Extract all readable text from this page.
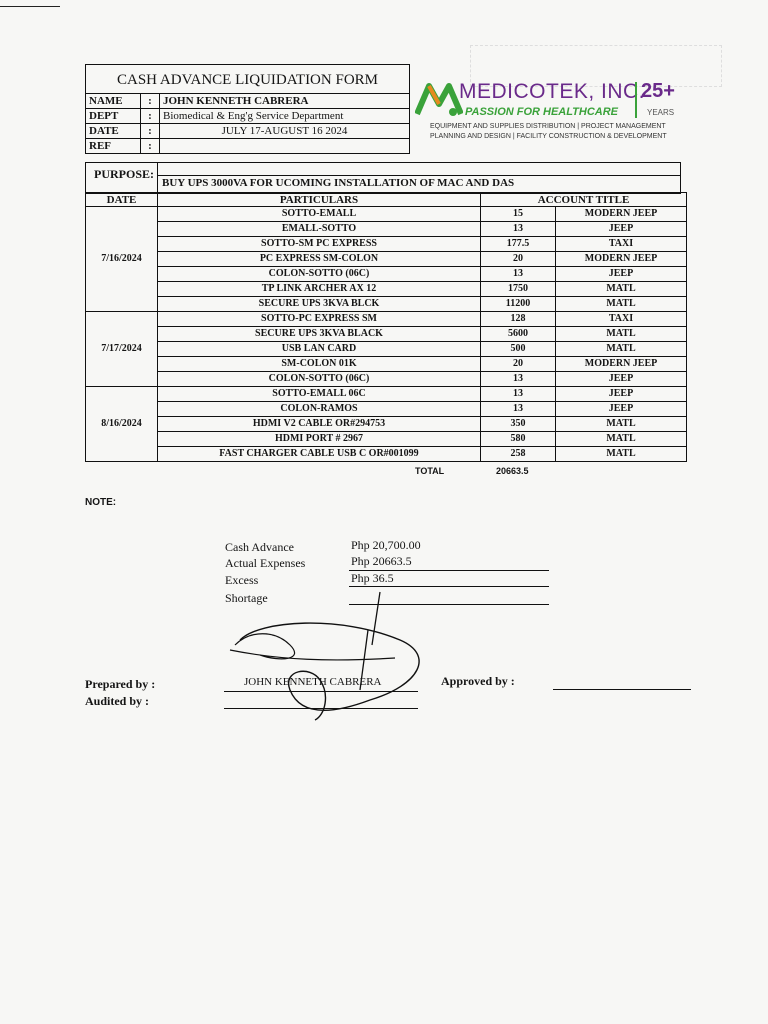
CASH ADVANCE LIQUIDATION FORM
NAME	:	JOHN KENNETH CABRERA
DEPT	:	Biomedical & Eng'g Service Department
DATE	:	JULY 17-AUGUST 16 2024
REF	:	
MEDICOTEK, INC.
PASSION FOR HEALTHCARE
25+
YEARS
EQUIPMENT AND SUPPLIES DISTRIBUTION | PROJECT MANAGEMENT
PLANNING AND DESIGN | FACILITY CONSTRUCTION & DEVELOPMENT
PURPOSE:
BUY UPS 3000VA FOR UCOMING INSTALLATION OF MAC AND DAS
DATE	PARTICULARS	ACCOUNT TITLE	
7/16/2024	SOTTO-EMALL	15	MODERN JEEP
	EMALL-SOTTO	13	JEEP
	SOTTO-SM PC EXPRESS	177.5	TAXI
	PC EXPRESS SM-COLON	20	MODERN JEEP
	COLON-SOTTO (06C)	13	JEEP
	TP LINK ARCHER AX 12	1750	MATL
	SECURE UPS 3KVA BLCK	11200	MATL
7/17/2024	SOTTO-PC EXPRESS SM	128	TAXI
	SECURE UPS 3KVA BLACK	5600	MATL
	USB LAN CARD	500	MATL
	SM-COLON 01K	20	MODERN JEEP
	COLON-SOTTO (06C)	13	JEEP
8/16/2024	SOTTO-EMALL 06C	13	JEEP
	COLON-RAMOS	13	JEEP
	HDMI V2 CABLE OR#294753	350	MATL
	HDMI PORT # 2967	580	MATL
	FAST CHARGER CABLE USB C OR#001099	258	MATL
TOTAL	20663.5
NOTE:
Cash Advance	Php 20,700.00
Actual Expenses	Php 20663.5
Excess	Php 36.5
Shortage
Prepared by :
Audited by :
JOHN KENNETH CABRERA	Approved by :
